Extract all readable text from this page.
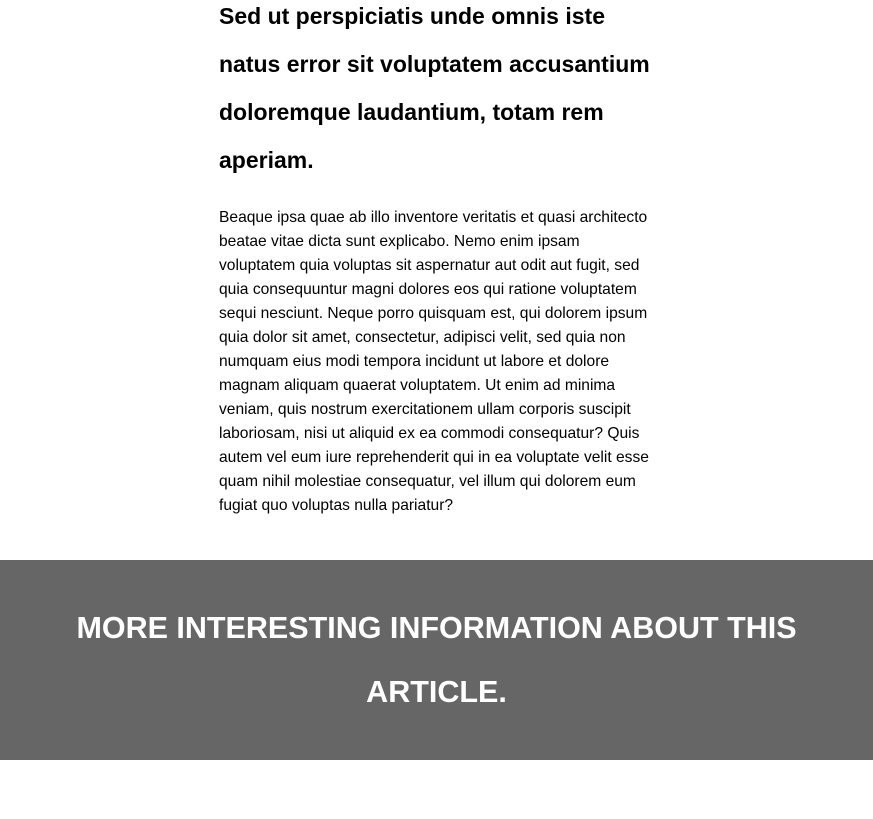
Sed ut perspiciatis unde omnis iste natus error sit voluptatem accusantium doloremque laudantium, totam rem aperiam.

Beaque ipsa quae ab illo inventore veritatis et quasi architecto beatae vitae dicta sunt explicabo. Nemo enim ipsam voluptatem quia voluptas sit aspernatur aut odit aut fugit, sed quia consequuntur magni dolores eos qui ratione voluptatem sequi nesciunt. Neque porro quisquam est, qui dolorem ipsum quia dolor sit amet, consectetur, adipisci velit, sed quia non numquam eius modi tempora incidunt ut labore et dolore magnam aliquam quaerat voluptatem. Ut enim ad minima veniam, quis nostrum exercitationem ullam corporis suscipit laboriosam, nisi ut aliquid ex ea commodi consequatur? Quis autem vel eum iure reprehenderit qui in ea voluptate velit esse quam nihil molestiae consequatur, vel illum qui dolorem eum fugiat quo voluptas nulla pariatur?

MORE INTERESTING INFORMATION ABOUT THIS ARTICLE.
